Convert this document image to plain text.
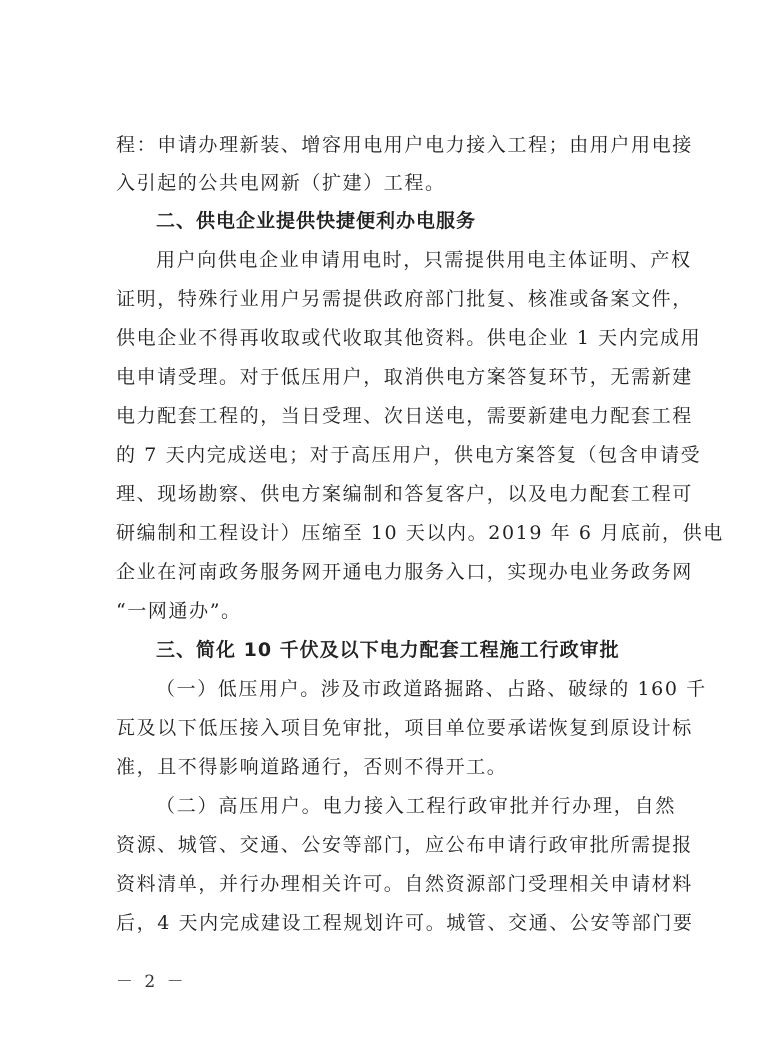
程：申请办理新装、增容用电用户电力接入工程；由用户用电接
入引起的公共电网新（扩建）工程。
二、供电企业提供快捷便利办电服务
用户向供电企业申请用电时，只需提供用电主体证明、产权
证明，特殊行业用户另需提供政府部门批复、核准或备案文件，
供电企业不得再收取或代收取其他资料。供电企业 1 天内完成用
电申请受理。对于低压用户，取消供电方案答复环节，无需新建
电力配套工程的，当日受理、次日送电，需要新建电力配套工程
的 7 天内完成送电；对于高压用户，供电方案答复（包含申请受
理、现场勘察、供电方案编制和答复客户，以及电力配套工程可
研编制和工程设计）压缩至 10 天以内。2019 年 6 月底前，供电
企业在河南政务服务网开通电力服务入口，实现办电业务政务网
“一网通办”。
三、简化 10 千伏及以下电力配套工程施工行政审批
（一）低压用户。涉及市政道路掘路、占路、破绿的 160 千
瓦及以下低压接入项目免审批，项目单位要承诺恢复到原设计标
准，且不得影响道路通行，否则不得开工。
（二）高压用户。电力接入工程行政审批并行办理，自然
资源、城管、交通、公安等部门，应公布申请行政审批所需提报
资料清单，并行办理相关许可。自然资源部门受理相关申请材料
后，4 天内完成建设工程规划许可。城管、交通、公安等部门要
－ 2 －
